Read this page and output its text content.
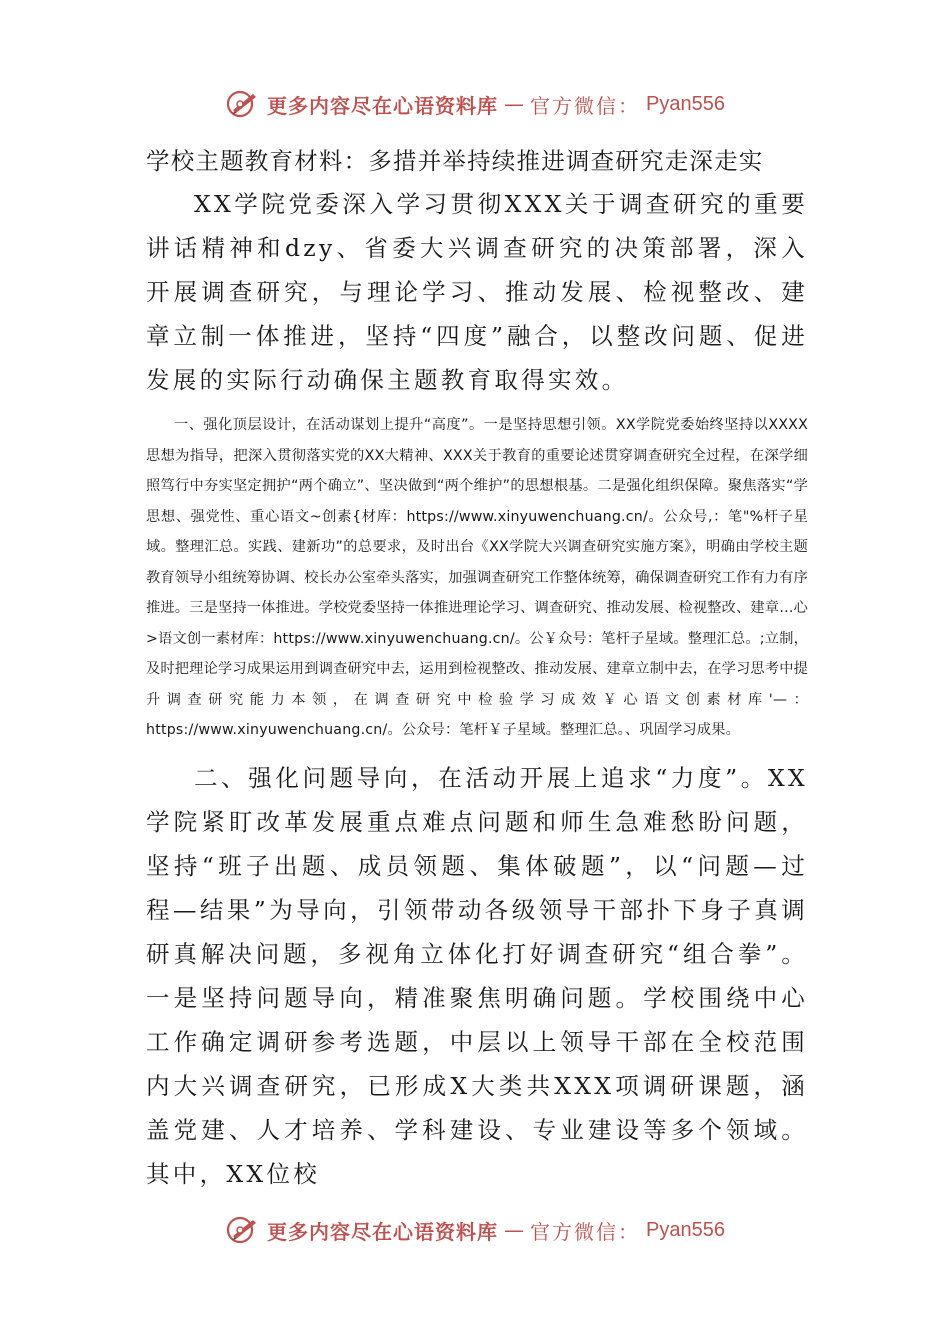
更多内容尽在心语资料库 — 官方微信： Pyan556

学校主题教育材料：多措并举持续推进调查研究走深走实

XX学院党委深入学习贯彻XXX关于调查研究的重要讲话精神和dzy、省委大兴调查研究的决策部署，深入开展调查研究，与理论学习、推动发展、检视整改、建章立制一体推进，坚持“四度”融合，以整改问题、促进发展的实际行动确保主题教育取得实效。

一、强化顶层设计，在活动谋划上提升“高度”。一是坚持思想引领。XX学院党委始终坚持以XXXX思想为指导，把深入贯彻落实党的XX大精神、XXX关于教育的重要论述贯穿调查研究全过程，在深学细照笃行中夯实坚定拥护“两个确立”、坚决做到“两个维护”的思想根基。二是强化组织保障。聚焦落实“学思想、强党性、重心语文~创素{材库：https://www.xinyuwenchuang.cn/。公众号,：笔"%杆子星域。整理汇总。实践、建新功”的总要求，及时出台《XX学院大兴调查研究实施方案》，明确由学校主题教育领导小组统筹协调、校长办公室牵头落实，加强调查研究工作整体统筹，确保调查研究工作有力有序推进。三是坚持一体推进。学校党委坚持一体推进理论学习、调查研究、推动发展、检视整改、建章…心>语文创一素材库：https://www.xinyuwenchuang.cn/。公￥众号：笔杆子星域。整理汇总。;立制，及时把理论学习成果运用到调查研究中去，运用到检视整改、推动发展、建章立制中去，在学习思考中提升调查研究能力本领，在调查研究中检验学习成效￥心语文创素材库'—：https://www.xinyuwenchuang.cn/。公众号：笔杆￥子星域。整理汇总。、巩固学习成果。

二、强化问题导向，在活动开展上追求“力度”。XX学院紧盯改革发展重点难点问题和师生急难愁盼问题，坚持“班子出题、成员领题、集体破题”，以“问题—过程—结果”为导向，引领带动各级领导干部扑下身子真调研真解决问题，多视角立体化打好调查研究“组合拳”。一是坚持问题导向，精准聚焦明确问题。学校围绕中心工作确定调研参考选题，中层以上领导干部在全校范围内大兴调查研究，已形成X大类共XXX项调研课题，涵盖党建、人才培养、学科建设、专业建设等多个领域。其中，XX位校

更多内容尽在心语资料库 — 官方微信： Pyan556
